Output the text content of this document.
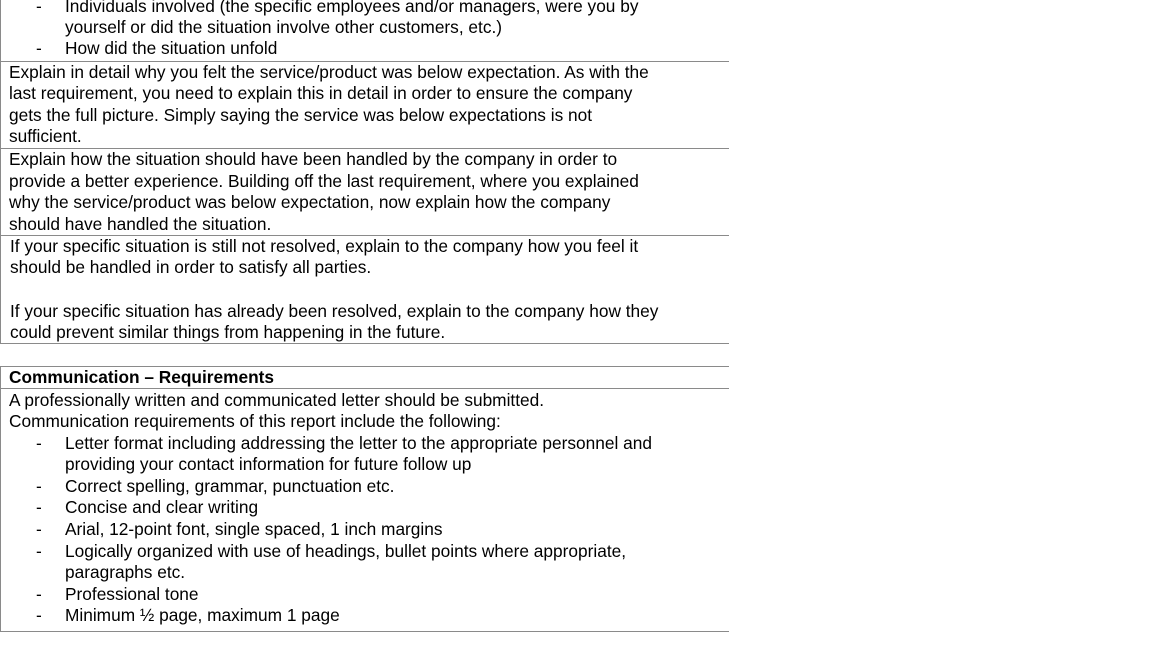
- Individuals involved (the specific employees and/or managers, were you by
yourself or did the situation involve other customers, etc.)
- How did the situation unfold
Explain in detail why you felt the service/product was below expectation. As with the
last requirement, you need to explain this in detail in order to ensure the company
gets the full picture. Simply saying the service was below expectations is not
sufficient.
Explain how the situation should have been handled by the company in order to
provide a better experience. Building off the last requirement, where you explained
why the service/product was below expectation, now explain how the company
should have handled the situation.
If your specific situation is still not resolved, explain to the company how you feel it
should be handled in order to satisfy all parties.
If your specific situation has already been resolved, explain to the company how they
could prevent similar things from happening in the future.
Communication – Requirements
A professionally written and communicated letter should be submitted.
Communication requirements of this report include the following:
- Letter format including addressing the letter to the appropriate personnel and
providing your contact information for future follow up
- Correct spelling, grammar, punctuation etc.
- Concise and clear writing
- Arial, 12-point font, single spaced, 1 inch margins
- Logically organized with use of headings, bullet points where appropriate,
paragraphs etc.
- Professional tone
- Minimum ½ page, maximum 1 page
